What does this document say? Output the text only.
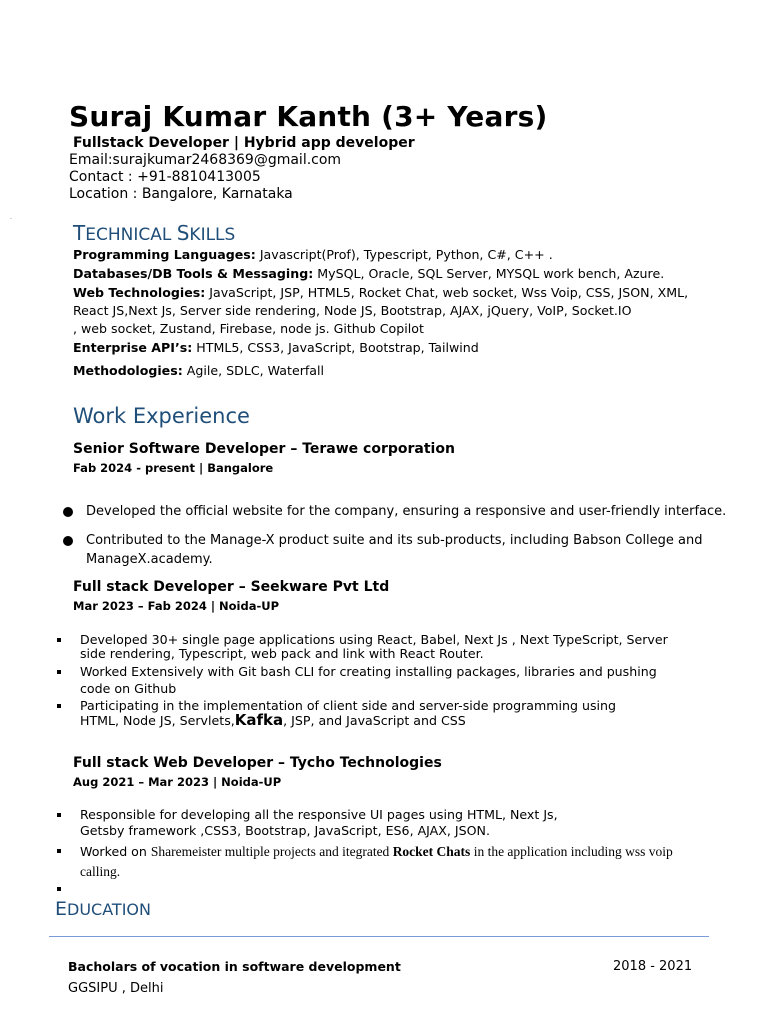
Suraj Kumar Kanth (3+ Years)
Fullstack Developer | Hybrid app developer
Email:surajkumar2468369@gmail.com
Contact : +91-8810413005
Location : Bangalore, Karnataka
·
TECHNICAL SKILLS
Programming Languages: Javascript(Prof), Typescript, Python, C#, C++ .
Databases/DB Tools & Messaging: MySQL, Oracle, SQL Server, MYSQL work bench, Azure.
Web Technologies: JavaScript, JSP, HTML5, Rocket Chat, web socket, Wss Voip, CSS, JSON, XML,
React JS,Next Js, Server side rendering, Node JS, Bootstrap, AJAX, jQuery, VoIP, Socket.IO
, web socket, Zustand, Firebase, node js. Github Copilot
Enterprise API’s: HTML5, CSS3, JavaScript, Bootstrap, Tailwind
Methodologies: Agile, SDLC, Waterfall
Work Experience
Senior Software Developer – Terawe corporation
Fab 2024 - present | Bangalore
Developed the official website for the company, ensuring a responsive and user-friendly interface.
Contributed to the Manage-X product suite and its sub-products, including Babson College and
ManageX.academy.
Full stack Developer – Seekware Pvt Ltd
Mar 2023 – Fab 2024 | Noida-UP
Developed 30+ single page applications using React, Babel, Next Js , Next TypeScript, Server
side rendering, Typescript, web pack and link with React Router.
Worked Extensively with Git bash CLI for creating installing packages, libraries and pushing
code on Github
Participating in the implementation of client side and server-side programming using
HTML, Node JS, Servlets,Kafka, JSP, and JavaScript and CSS
Full stack Web Developer – Tycho Technologies
Aug 2021 – Mar 2023 | Noida-UP
Responsible for developing all the responsive UI pages using HTML, Next Js,
Getsby framework ,CSS3, Bootstrap, JavaScript, ES6, AJAX, JSON.
Worked on Sharemeister multiple projects and itegrated Rocket Chats in the application including wss voip
calling.
EDUCATION
Bacholars of vocation in software development	2018 - 2021
GGSIPU , Delhi
